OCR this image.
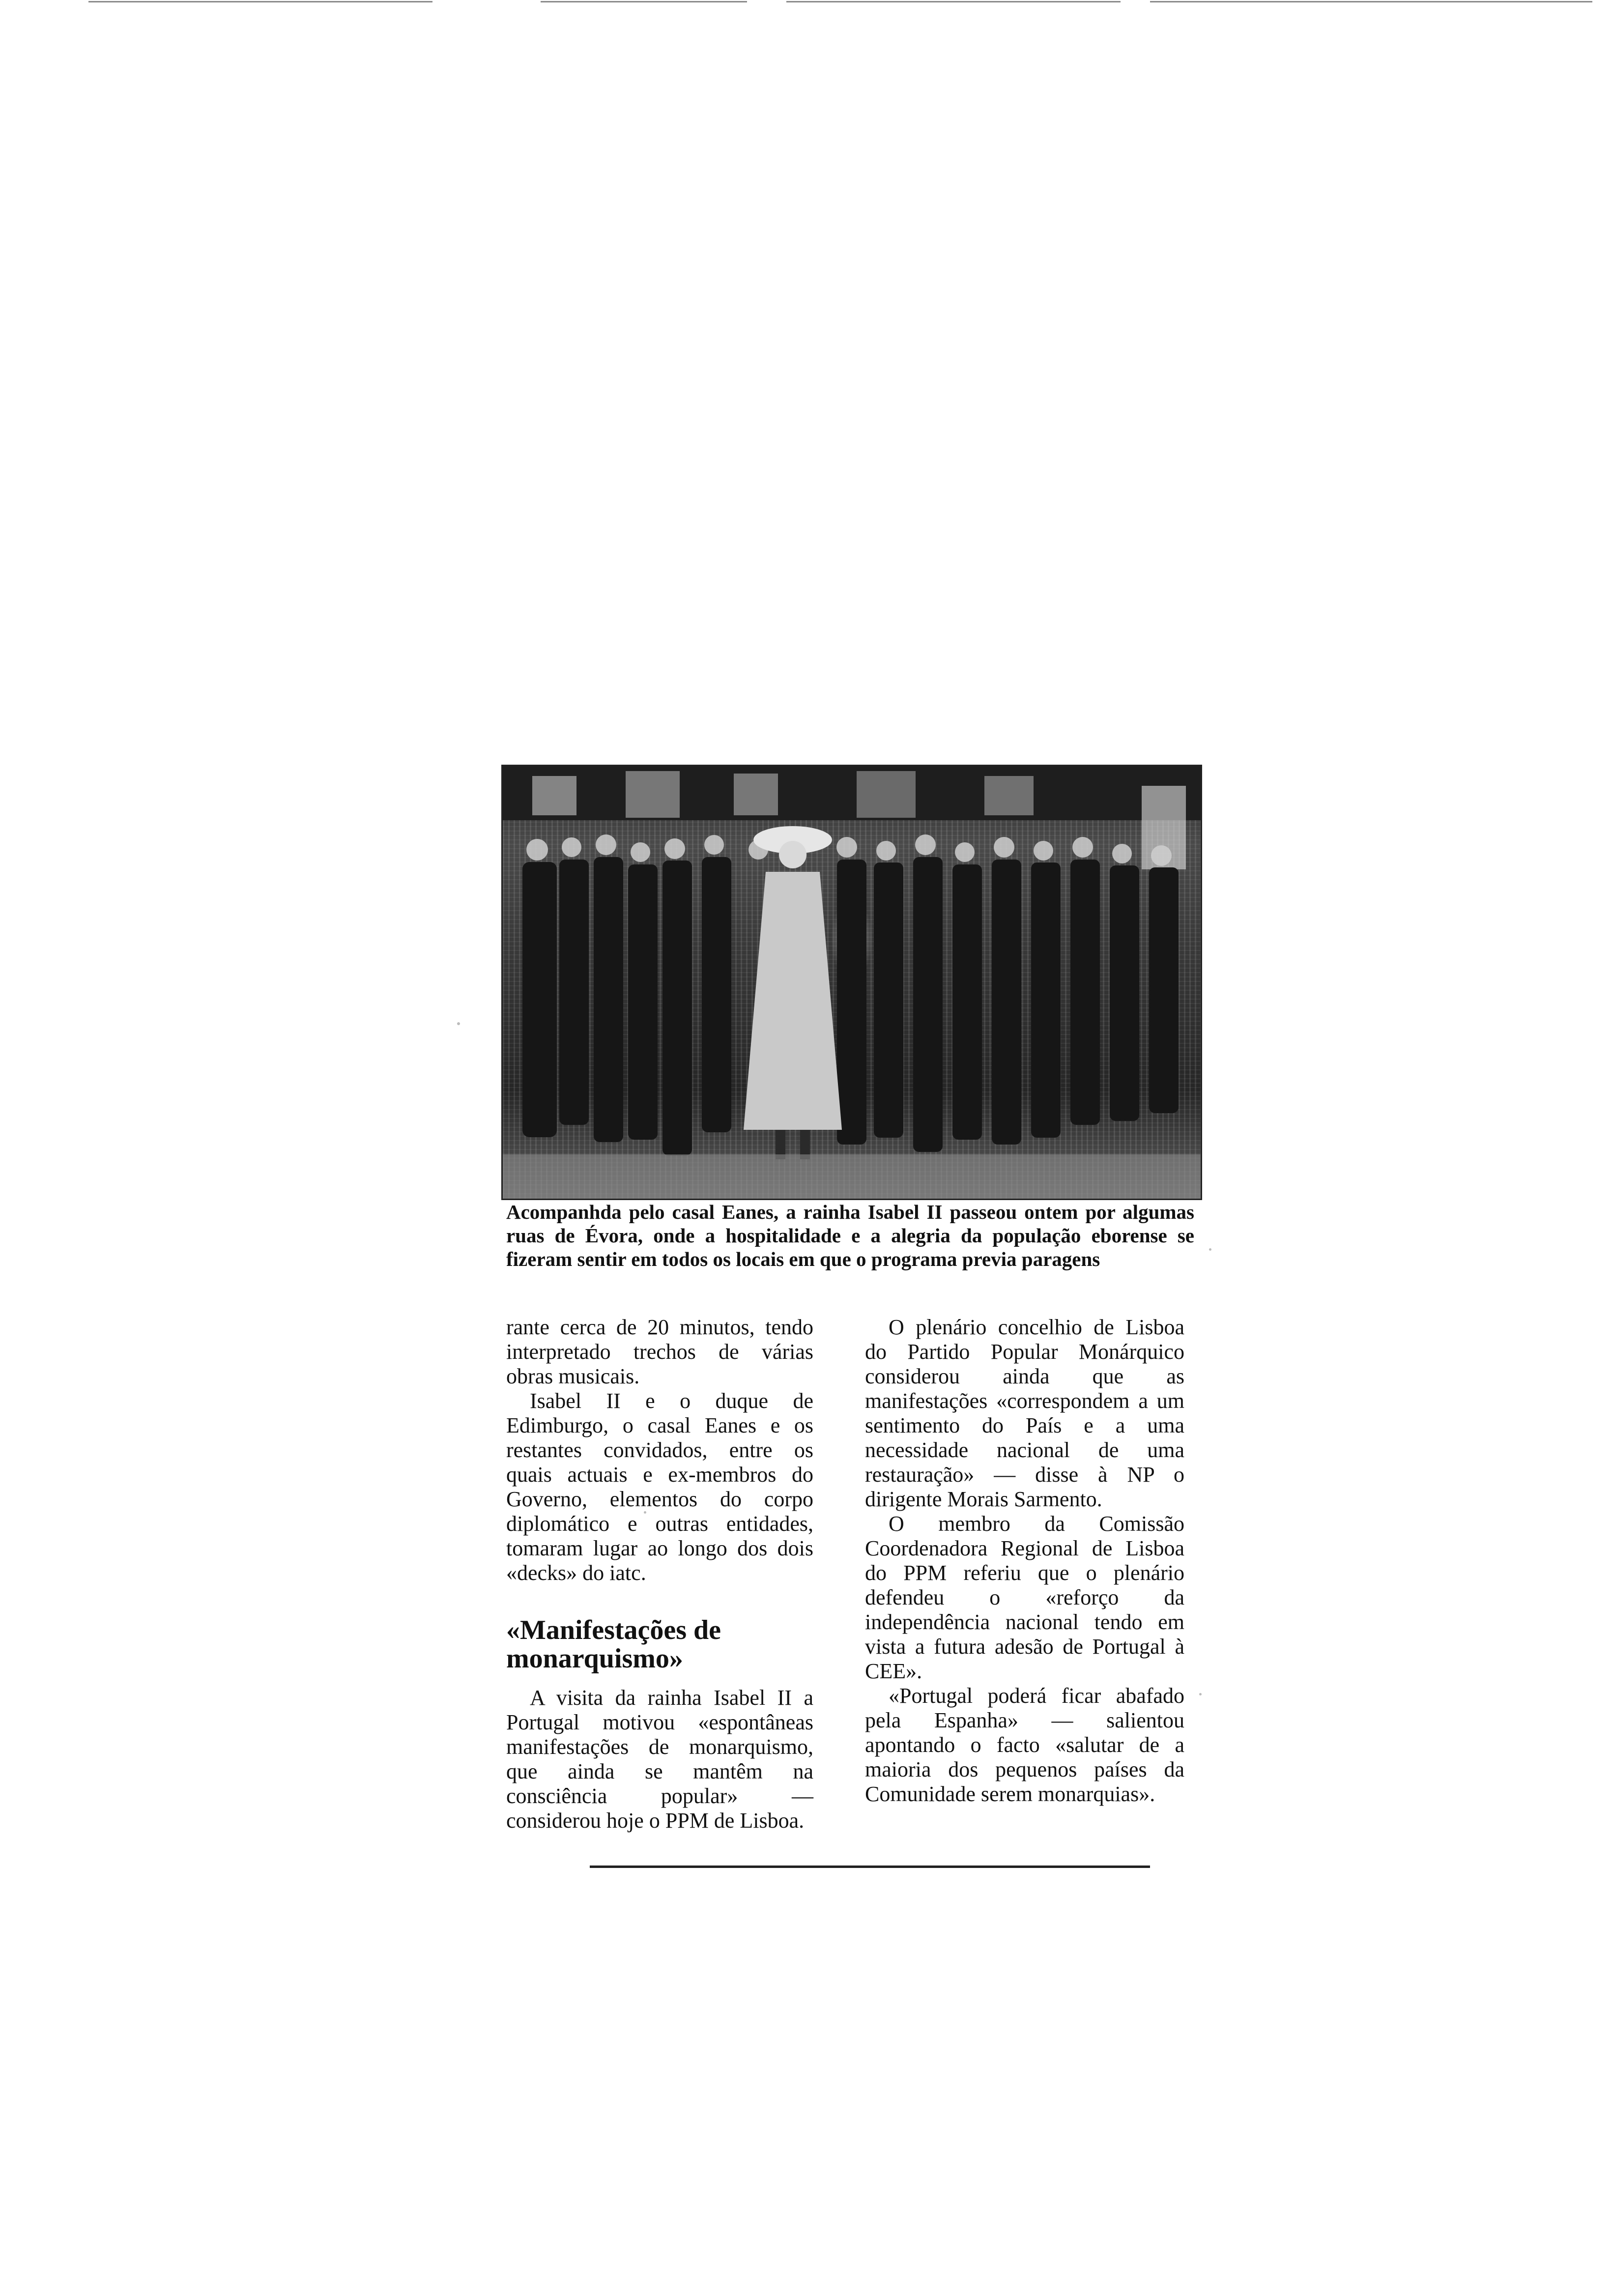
Acompanhda pelo casal Eanes, a rainha Isabel II passeou ontem por algumas ruas de Évora, onde a hospitalidade e a alegria da população eborense se fizeram sentir em todos os locais em que o programa previa paragens

rante cerca de 20 minutos, tendo interpretado trechos de várias obras musicais.

Isabel II e o duque de Edimburgo, o casal Eanes e os restantes convidados, entre os quais actuais e ex-membros do Governo, elementos do corpo diplomático e outras entidades, tomaram lugar ao longo dos dois «decks» do iatc.

«Manifestações de monarquismo»

A visita da rainha Isabel II a Portugal motivou «espontâneas manifestações de monarquismo, que ainda se mantêm na consciência popular» — considerou hoje o PPM de Lisboa.

O plenário concelhio de Lisboa do Partido Popular Monárquico considerou ainda que as manifestações «correspondem a um sentimento do País e a uma necessidade nacional de uma restauração» — disse à NP o dirigente Morais Sarmento.

O membro da Comissão Coordenadora Regional de Lisboa do PPM referiu que o plenário defendeu o «reforço da independência nacional tendo em vista a futura adesão de Portugal à CEE».

«Portugal poderá ficar abafado pela Espanha» — salientou apontando o facto «salutar de a maioria dos pequenos países da Comunidade serem monarquias».
